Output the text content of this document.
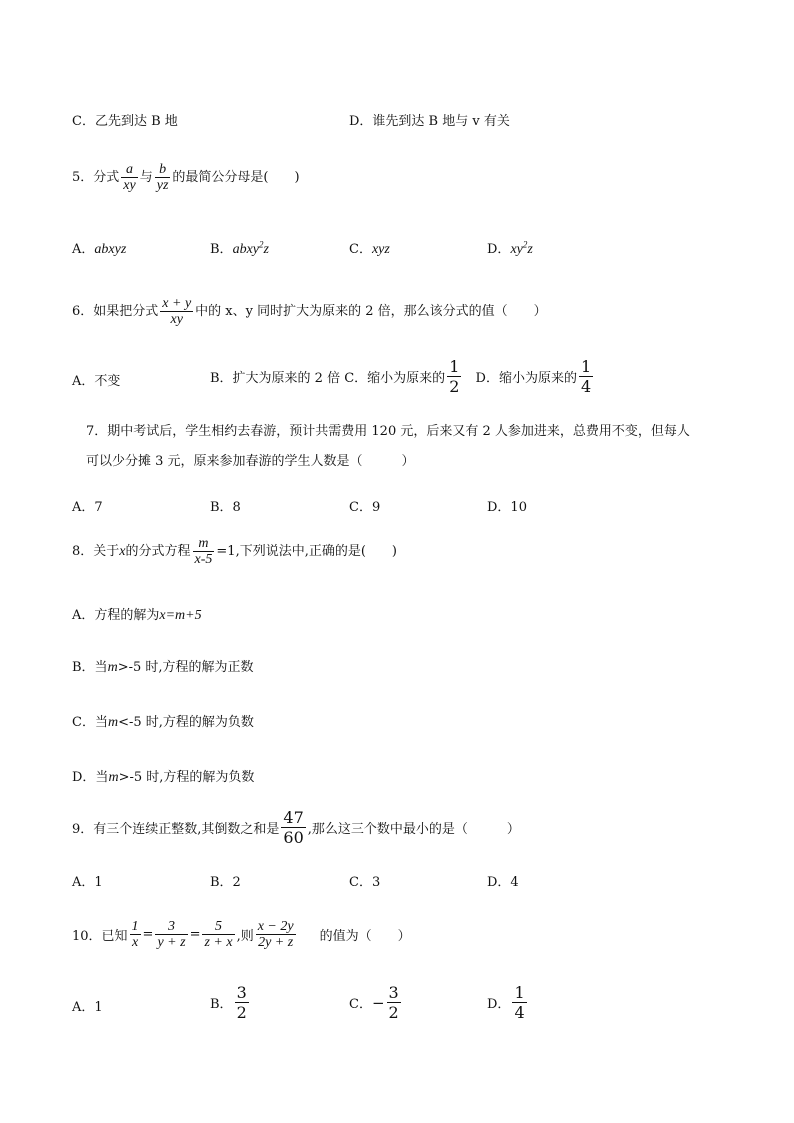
C．乙先到达 B 地	D．谁先到达 B 地与 v 有关
5．分式 $\frac{a}{xy}$ 与 $\frac{b}{yz}$ 的最简公分母是(　　)
A．abxyz	B．abxy$^2$z	C．xyz	D．$xy^2z$
6．如果把分式 $\frac{x + y}{xy}$ 中的 x、y 同时扩大为原来的 2 倍，那么该分式的值（　　）
A．不变	B．扩大为原来的 2 倍 C．缩小为原来的 $\frac{1}{2}$ D．缩小为原来的 $\frac{1}{4}$
7．期中考试后，学生相约去春游，预计共需费用 120 元，后来又有 2 人参加进来，总费用不变，但每人
可以少分摊 3 元，原来参加春游的学生人数是（　　　）
A．7	B．8	C．9	D．10
8．关于x的分式方程 $\frac{m}{x-5} =1$,下列说法中,正确的是(　　)
A．方程的解为x=m+5
B．当m>-5 时,方程的解为正数
C．当m<-5 时,方程的解为负数
D．当m>-5 时,方程的解为负数
9．有三个连续正整数,其倒数之和是 $\frac{47}{60}$ ,那么这三个数中最小的是（　　　）
A．1	B．2	C．3	D．4
10．已知 $\frac{1}{x} = \frac{3}{y + z} = \frac{5}{z + x}$ ,则 $\frac{x - 2y}{2y + z}$ 的值为（　　）
A．1	B． $\frac{3}{2}$	C．− $\frac{3}{2}$	D． $\frac{1}{4}$
